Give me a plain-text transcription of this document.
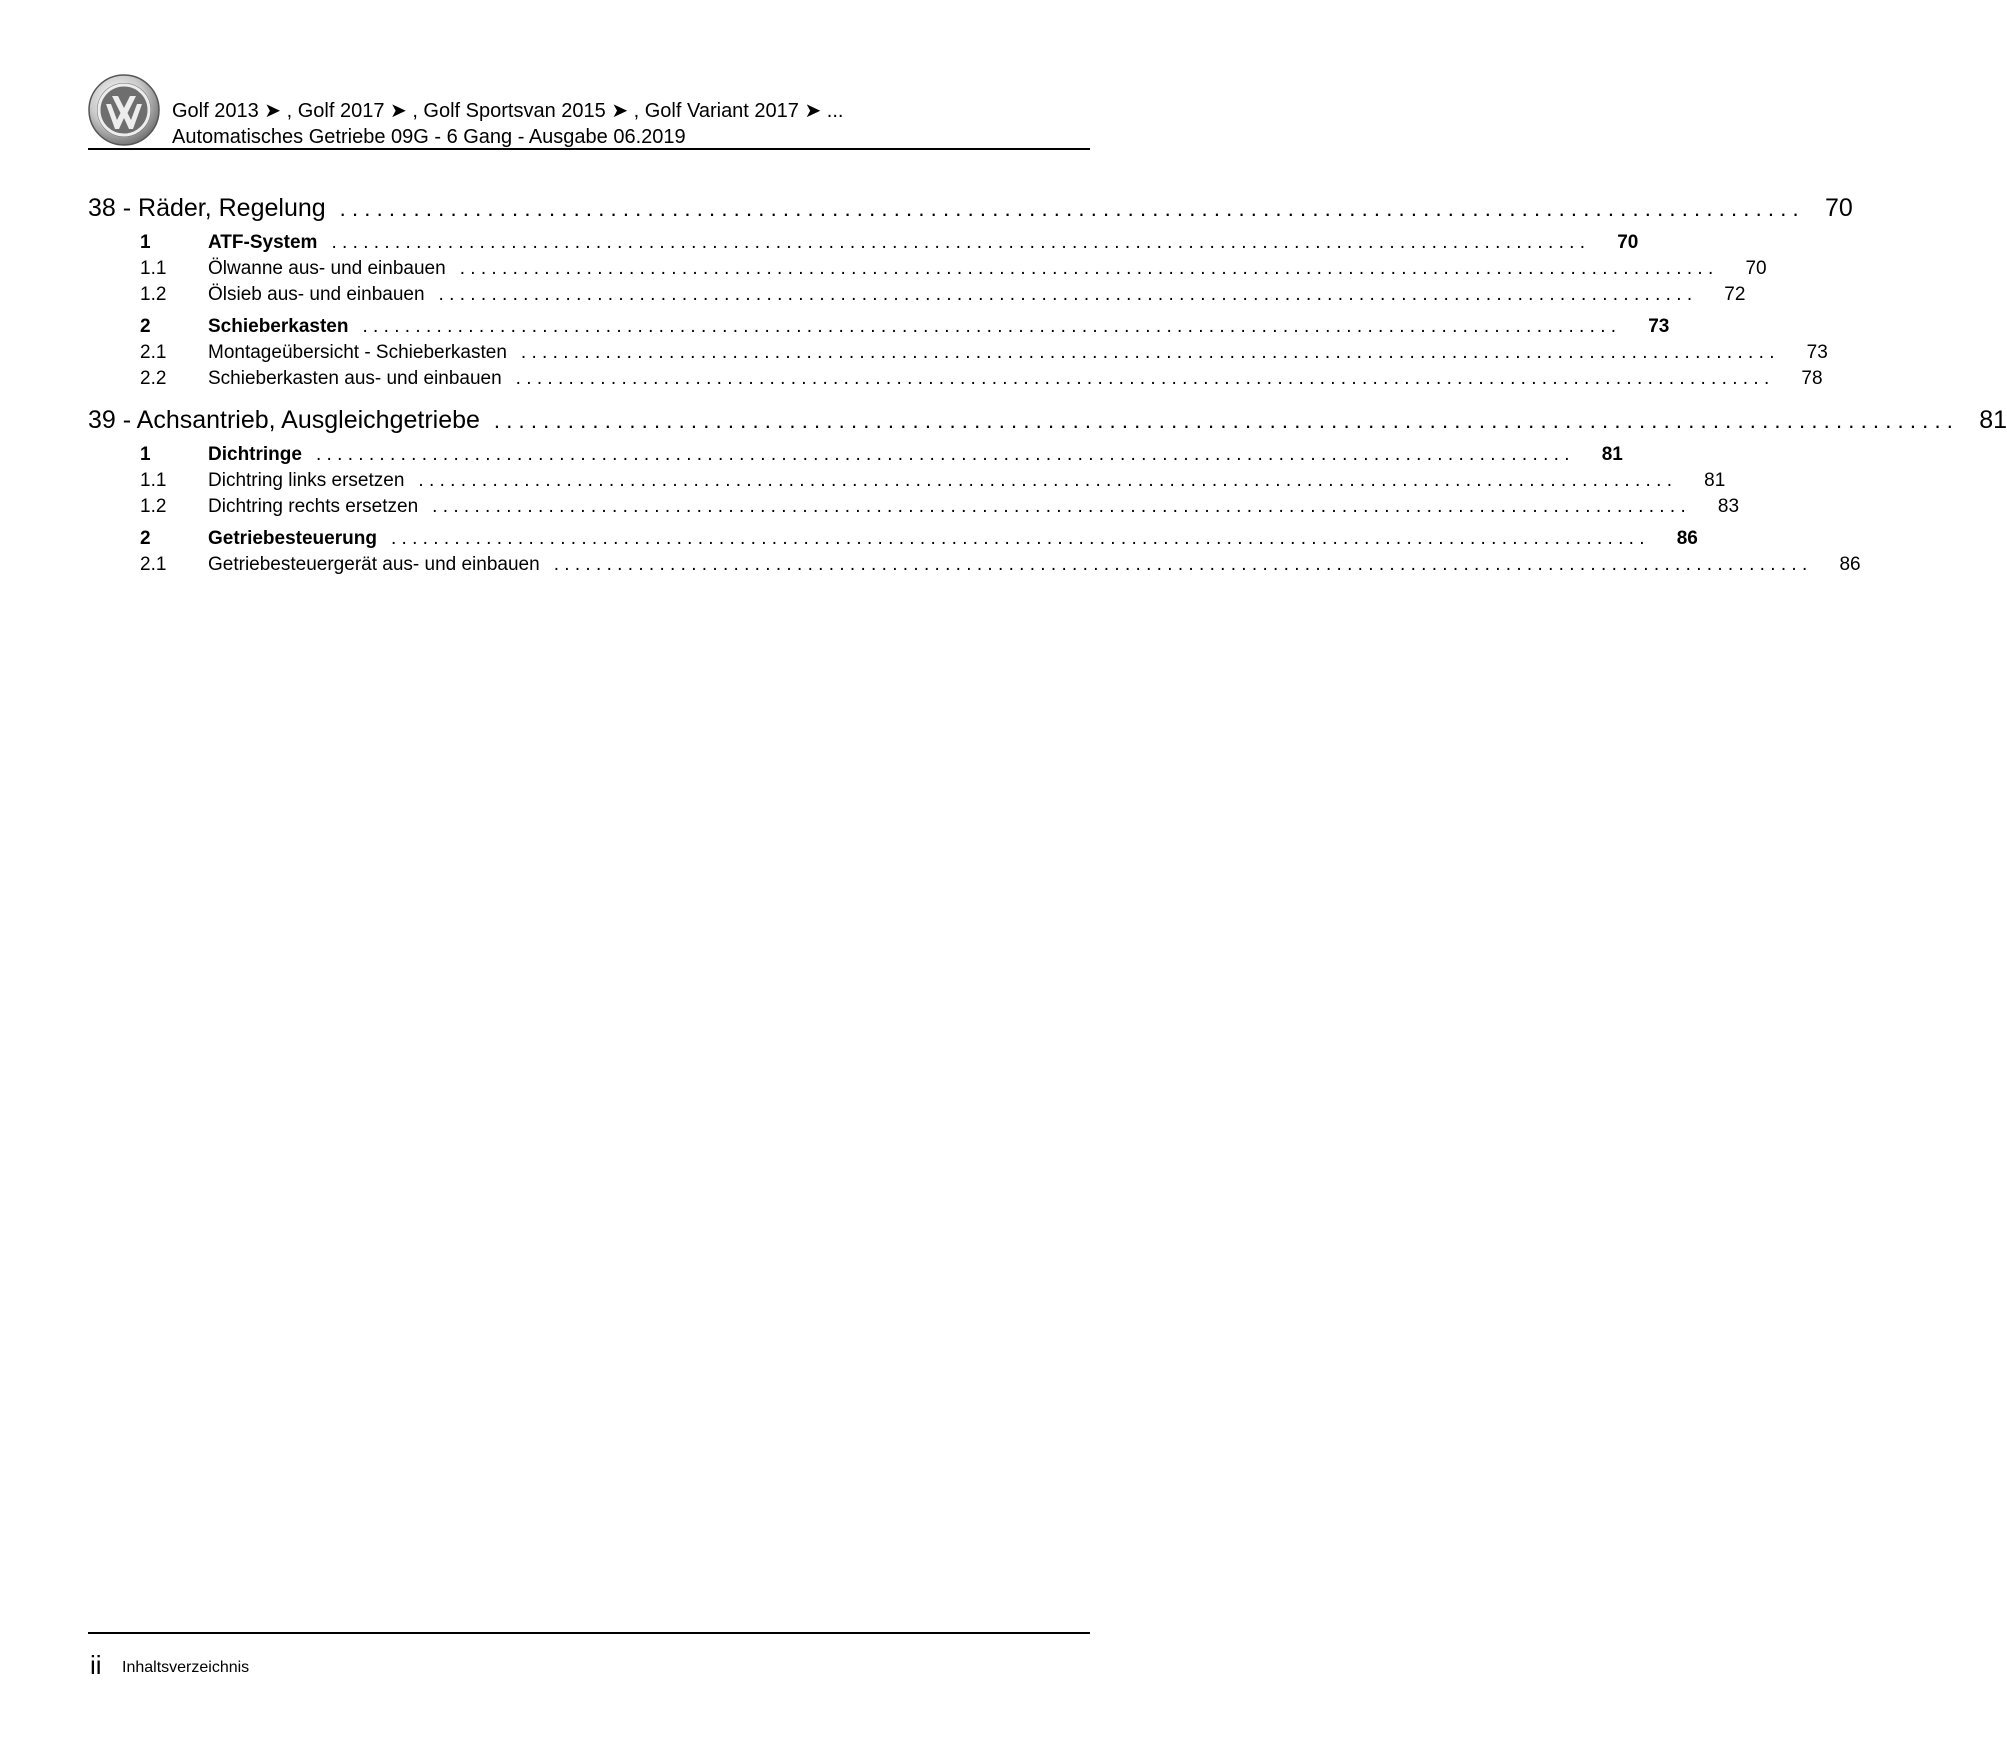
Golf 2013 ➤ , Golf 2017 ➤ , Golf Sportsvan 2015 ➤ , Golf Variant 2017 ➤ ...
Automatisches Getriebe 09G - 6 Gang - Ausgabe 06.2019
38 - Räder, Regelung ....................................................................................................................... 70
1	ATF-System .......................................................................................................................	70
1.1	Ölwanne aus- und einbauen .......................................................................................................................	70
1.2	Ölsieb aus- und einbauen .......................................................................................................................	72
2	Schieberkasten .......................................................................................................................	73
2.1	Montageübersicht - Schieberkasten .......................................................................................................................	73
2.2	Schieberkasten aus- und einbauen .......................................................................................................................	78
39 - Achsantrieb, Ausgleichgetriebe ....................................................................................................................... 81
1	Dichtringe .......................................................................................................................	81
1.1	Dichtring links ersetzen .......................................................................................................................	81
1.2	Dichtring rechts ersetzen .......................................................................................................................	83
2	Getriebesteuerung .......................................................................................................................	86
2.1	Getriebesteuergerät aus- und einbauen .......................................................................................................................	86
ii Inhaltsverzeichnis
